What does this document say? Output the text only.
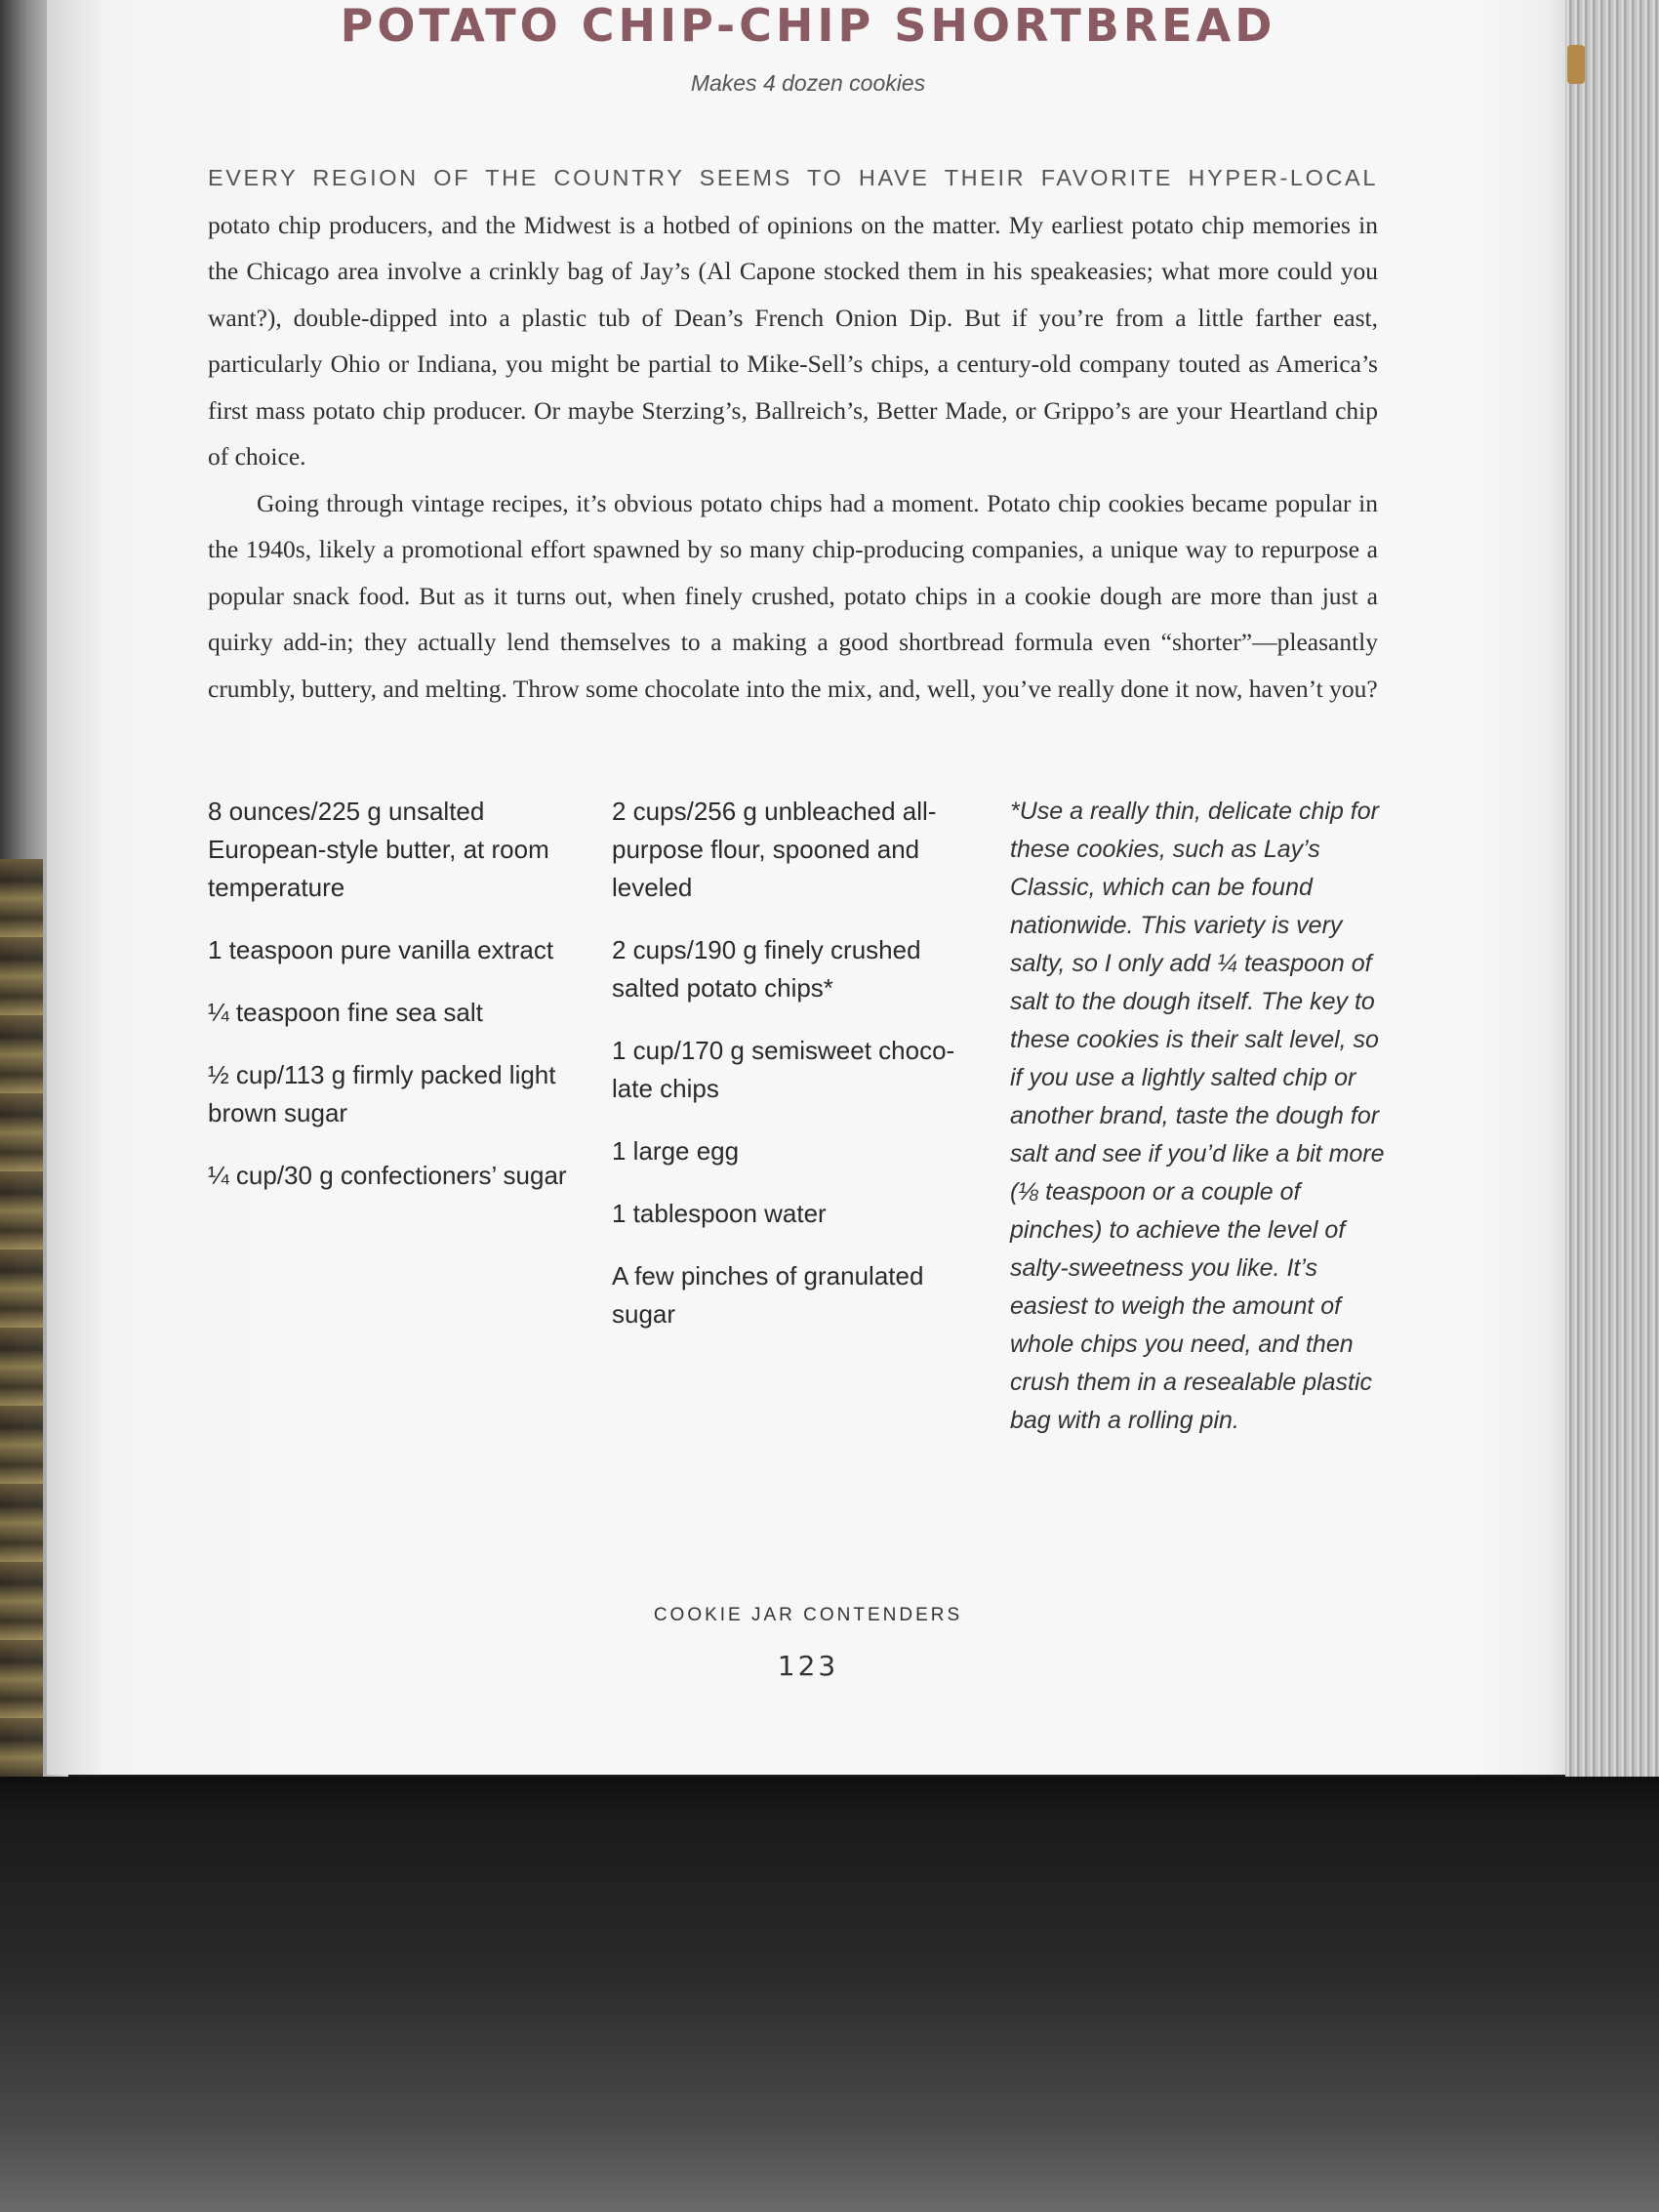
POTATO CHIP-CHIP SHORTBREAD
Makes 4 dozen cookies

EVERY REGION OF THE COUNTRY SEEMS TO HAVE THEIR FAVORITE HYPER-LOCAL potato chip producers, and the Midwest is a hotbed of opinions on the matter. My earliest potato chip memories in the Chicago area involve a crinkly bag of Jay’s (Al Capone stocked them in his speakeasies; what more could you want?), double-dipped into a plastic tub of Dean’s French Onion Dip. But if you’re from a little farther east, particularly Ohio or Indiana, you might be partial to Mike-Sell’s chips, a century-old company touted as America’s first mass potato chip producer. Or maybe Sterzing’s, Ballreich’s, Better Made, or Grippo’s are your Heartland chip of choice.

Going through vintage recipes, it’s obvious potato chips had a moment. Potato chip cookies became popular in the 1940s, likely a promotional effort spawned by so many chip-producing companies, a unique way to repurpose a popular snack food. But as it turns out, when finely crushed, potato chips in a cookie dough are more than just a quirky add-in; they actually lend themselves to a making a good shortbread formula even “shorter”—pleasantly crumbly, buttery, and melting. Throw some chocolate into the mix, and, well, you’ve really done it now, haven’t you?

8 ounces/225 g unsalted European-style butter, at room temperature

1 teaspoon pure vanilla extract

¼ teaspoon fine sea salt

½ cup/113 g firmly packed light brown sugar

¼ cup/30 g confectioners’ sugar

2 cups/256 g unbleached all-purpose flour, spooned and leveled

2 cups/190 g finely crushed salted potato chips*

1 cup/170 g semisweet chocolate chips

1 large egg

1 tablespoon water

A few pinches of granulated sugar

*Use a really thin, delicate chip for these cookies, such as Lay’s Classic, which can be found nationwide. This variety is very salty, so I only add ¼ teaspoon of salt to the dough itself. The key to these cookies is their salt level, so if you use a lightly salted chip or another brand, taste the dough for salt and see if you’d like a bit more (⅛ teaspoon or a couple of pinches) to achieve the level of salty-sweetness you like. It’s easiest to weigh the amount of whole chips you need, and then crush them in a resealable plastic bag with a rolling pin.
COOKIE JAR CONTENDERS
123
